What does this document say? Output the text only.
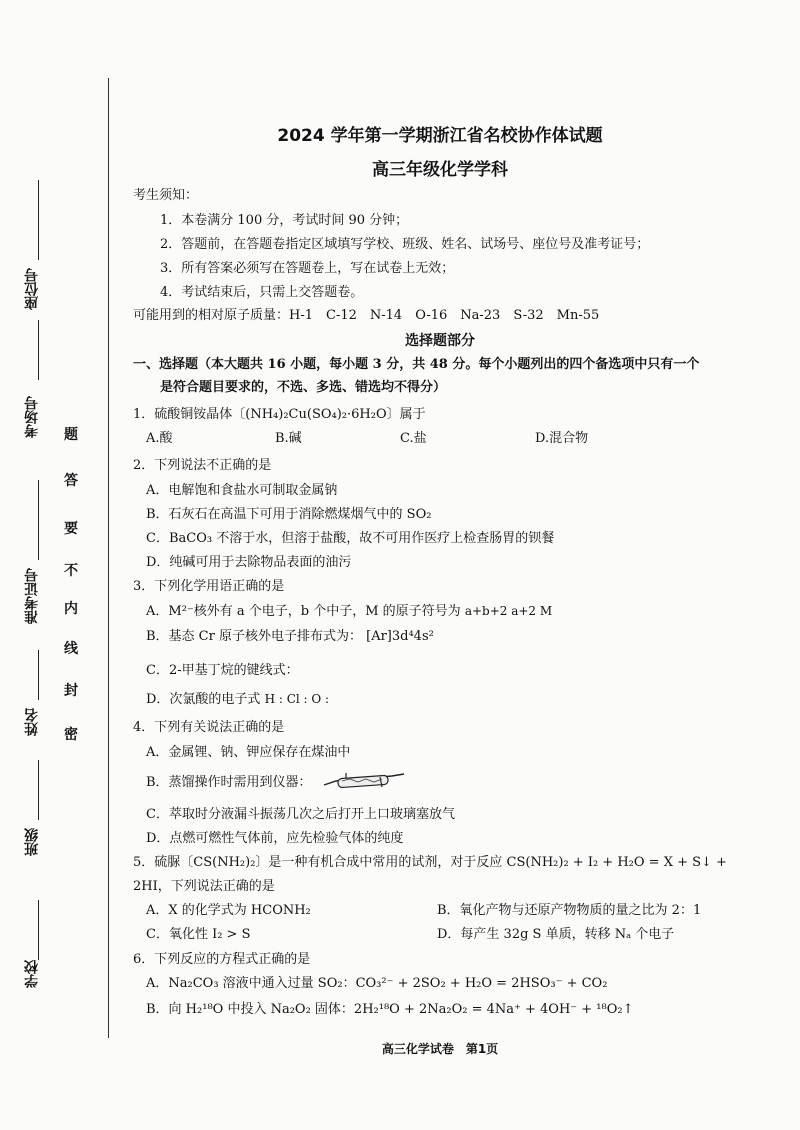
座位号
考场号
准考证号
姓名
班级
学校
题
答
要
不
内
线
封
密
2024 学年第一学期浙江省名校协作体试题
高三年级化学学科
考生须知：
1．本卷满分 100 分，考试时间 90 分钟；
2．答题前，在答题卷指定区域填写学校、班级、姓名、试场号、座位号及准考证号；
3．所有答案必须写在答题卷上，写在试卷上无效；
4．考试结束后，只需上交答题卷。
可能用到的相对原子质量：H-1　C-12　N-14　O-16　Na-23　S-32　Mn-55
选择题部分
一、选择题（本大题共 16 小题，每小题 3 分，共 48 分。每个小题列出的四个备选项中只有一个
是符合题目要求的，不选、多选、错选均不得分）
1．硫酸铜铵晶体〔(NH₄)₂Cu(SO₄)₂·6H₂O〕属于
A.酸	B.碱	C.盐	D.混合物
2．下列说法不正确的是
A．电解饱和食盐水可制取金属钠
B．石灰石在高温下可用于消除燃煤烟气中的 SO₂
C．BaCO₃ 不溶于水，但溶于盐酸，故不可用作医疗上检查肠胃的钡餐
D．纯碱可用于去除物品表面的油污
3．下列化学用语正确的是
A．M²⁻核外有 a 个电子，b 个中子，M 的原子符号为 a+b+2 a+2 M
B．基态 Cr 原子核外电子排布式为： [Ar]3d⁴4s²
C．2-甲基丁烷的键线式：
D．次氯酸的电子式 H : Cl : O :
4．下列有关说法正确的是
A．金属锂、钠、钾应保存在煤油中
B．蒸馏操作时需用到仪器：
C．萃取时分液漏斗振荡几次之后打开上口玻璃塞放气
D．点燃可燃性气体前，应先检验气体的纯度
5．硫脲〔CS(NH₂)₂〕是一种有机合成中常用的试剂，对于反应 CS(NH₂)₂ + I₂ + H₂O = X + S↓ +
2HI，下列说法正确的是
A．X 的化学式为 HCONH₂	B．氧化产物与还原产物物质的量之比为 2：1
C．氧化性 I₂ > S	D．每产生 32g S 单质，转移 Nₐ 个电子
6．下列反应的方程式正确的是
A．Na₂CO₃ 溶液中通入过量 SO₂：CO₃²⁻ + 2SO₂ + H₂O = 2HSO₃⁻ + CO₂
B．向 H₂¹⁸O 中投入 Na₂O₂ 固体：2H₂¹⁸O + 2Na₂O₂ = 4Na⁺ + 4OH⁻ + ¹⁸O₂↑
高三化学试卷　第1页
